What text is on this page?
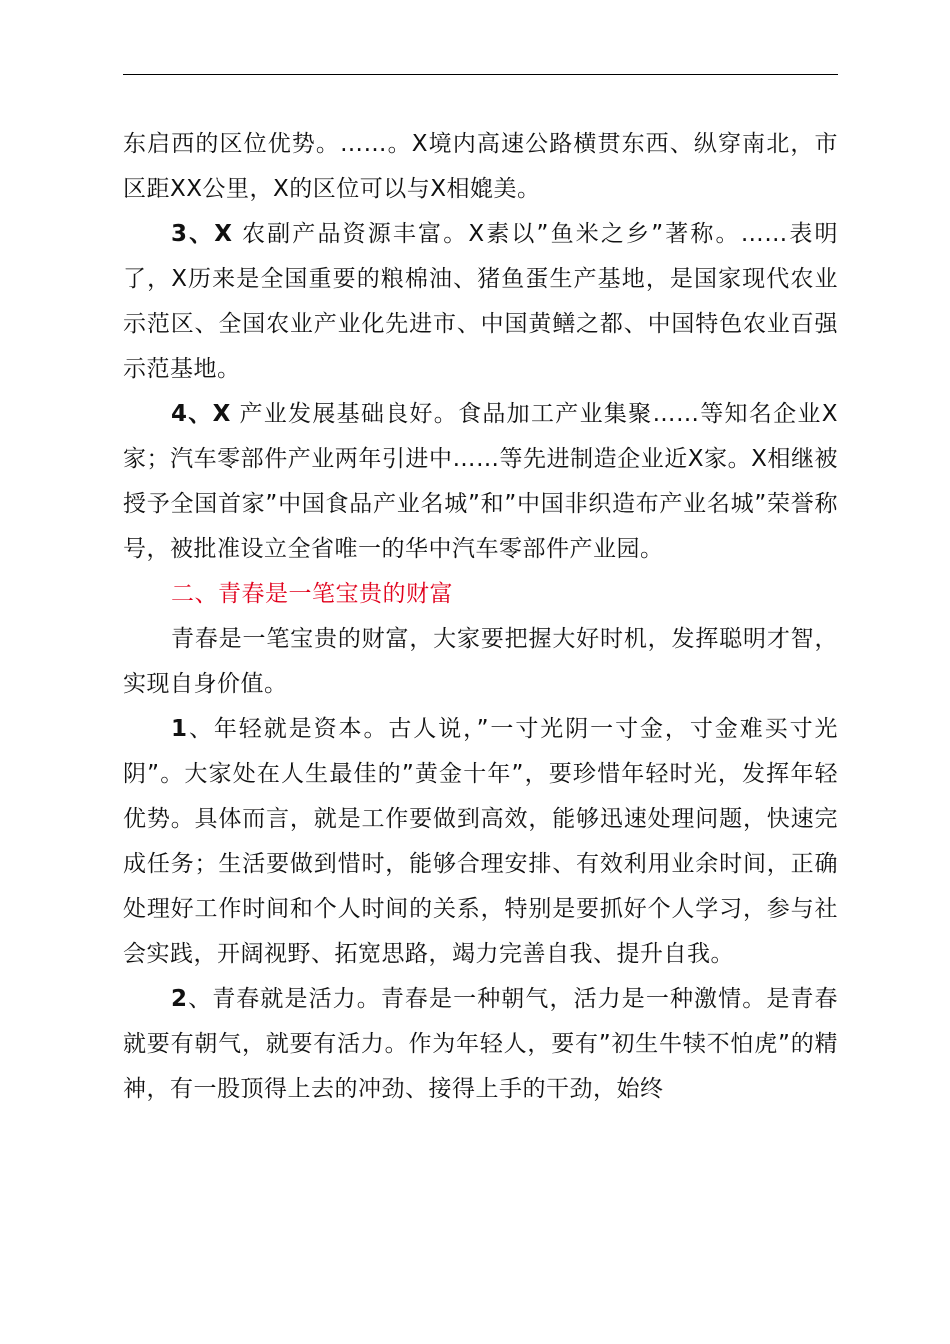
东启西的区位优势。……。X境内高速公路横贯东西、纵穿南北，市区距XX公里，X的区位可以与X相媲美。

3、X 农副产品资源丰富。X素以”鱼米之乡”著称。……表明了，X历来是全国重要的粮棉油、猪鱼蛋生产基地，是国家现代农业示范区、全国农业产业化先进市、中国黄鳝之都、中国特色农业百强示范基地。

4、X 产业发展基础良好。食品加工产业集聚……等知名企业X家；汽车零部件产业两年引进中……等先进制造企业近X家。X相继被授予全国首家”中国食品产业名城”和”中国非织造布产业名城”荣誉称号，被批准设立全省唯一的华中汽车零部件产业园。

二、青春是一笔宝贵的财富

青春是一笔宝贵的财富，大家要把握大好时机，发挥聪明才智，实现自身价值。

1、年轻就是资本。古人说，”一寸光阴一寸金，寸金难买寸光阴”。大家处在人生最佳的”黄金十年”，要珍惜年轻时光，发挥年轻优势。具体而言，就是工作要做到高效，能够迅速处理问题，快速完成任务；生活要做到惜时，能够合理安排、有效利用业余时间，正确处理好工作时间和个人时间的关系，特别是要抓好个人学习，参与社会实践，开阔视野、拓宽思路，竭力完善自我、提升自我。

2、青春就是活力。青春是一种朝气，活力是一种激情。是青春就要有朝气，就要有活力。作为年轻人，要有”初生牛犊不怕虎”的精神，有一股顶得上去的冲劲、接得上手的干劲，始终
